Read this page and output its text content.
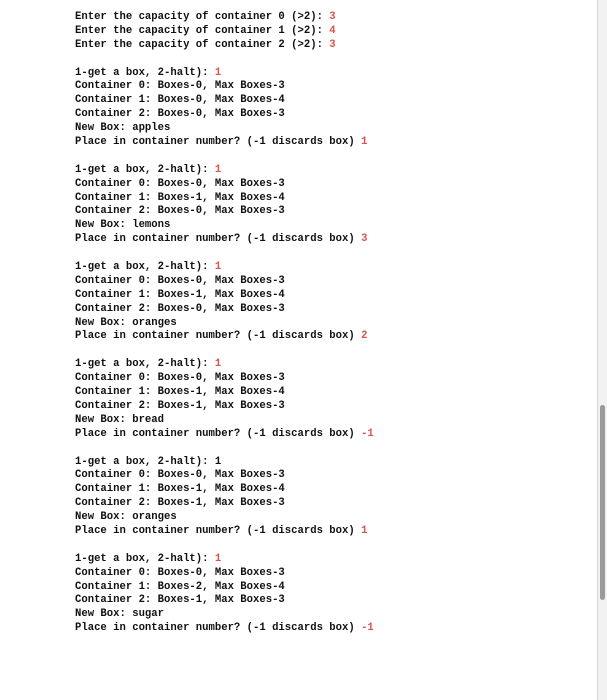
Enter the capacity of container 0 (>2): 3
Enter the capacity of container 1 (>2): 4
Enter the capacity of container 2 (>2): 3
1-get a box, 2-halt): 1
Container 0: Boxes-0, Max Boxes-3
Container 1: Boxes-0, Max Boxes-4
Container 2: Boxes-0, Max Boxes-3
New Box: apples
Place in container number? (-1 discards box) 1
1-get a box, 2-halt): 1
Container 0: Boxes-0, Max Boxes-3
Container 1: Boxes-1, Max Boxes-4
Container 2: Boxes-0, Max Boxes-3
New Box: lemons
Place in container number? (-1 discards box) 3
1-get a box, 2-halt): 1
Container 0: Boxes-0, Max Boxes-3
Container 1: Boxes-1, Max Boxes-4
Container 2: Boxes-0, Max Boxes-3
New Box: oranges
Place in container number? (-1 discards box) 2
1-get a box, 2-halt): 1
Container 0: Boxes-0, Max Boxes-3
Container 1: Boxes-1, Max Boxes-4
Container 2: Boxes-1, Max Boxes-3
New Box: bread
Place in container number? (-1 discards box) -1
1-get a box, 2-halt): 1
Container 0: Boxes-0, Max Boxes-3
Container 1: Boxes-1, Max Boxes-4
Container 2: Boxes-1, Max Boxes-3
New Box: oranges
Place in container number? (-1 discards box) 1
1-get a box, 2-halt): 1
Container 0: Boxes-0, Max Boxes-3
Container 1: Boxes-2, Max Boxes-4
Container 2: Boxes-1, Max Boxes-3
New Box: sugar
Place in container number? (-1 discards box) -1
